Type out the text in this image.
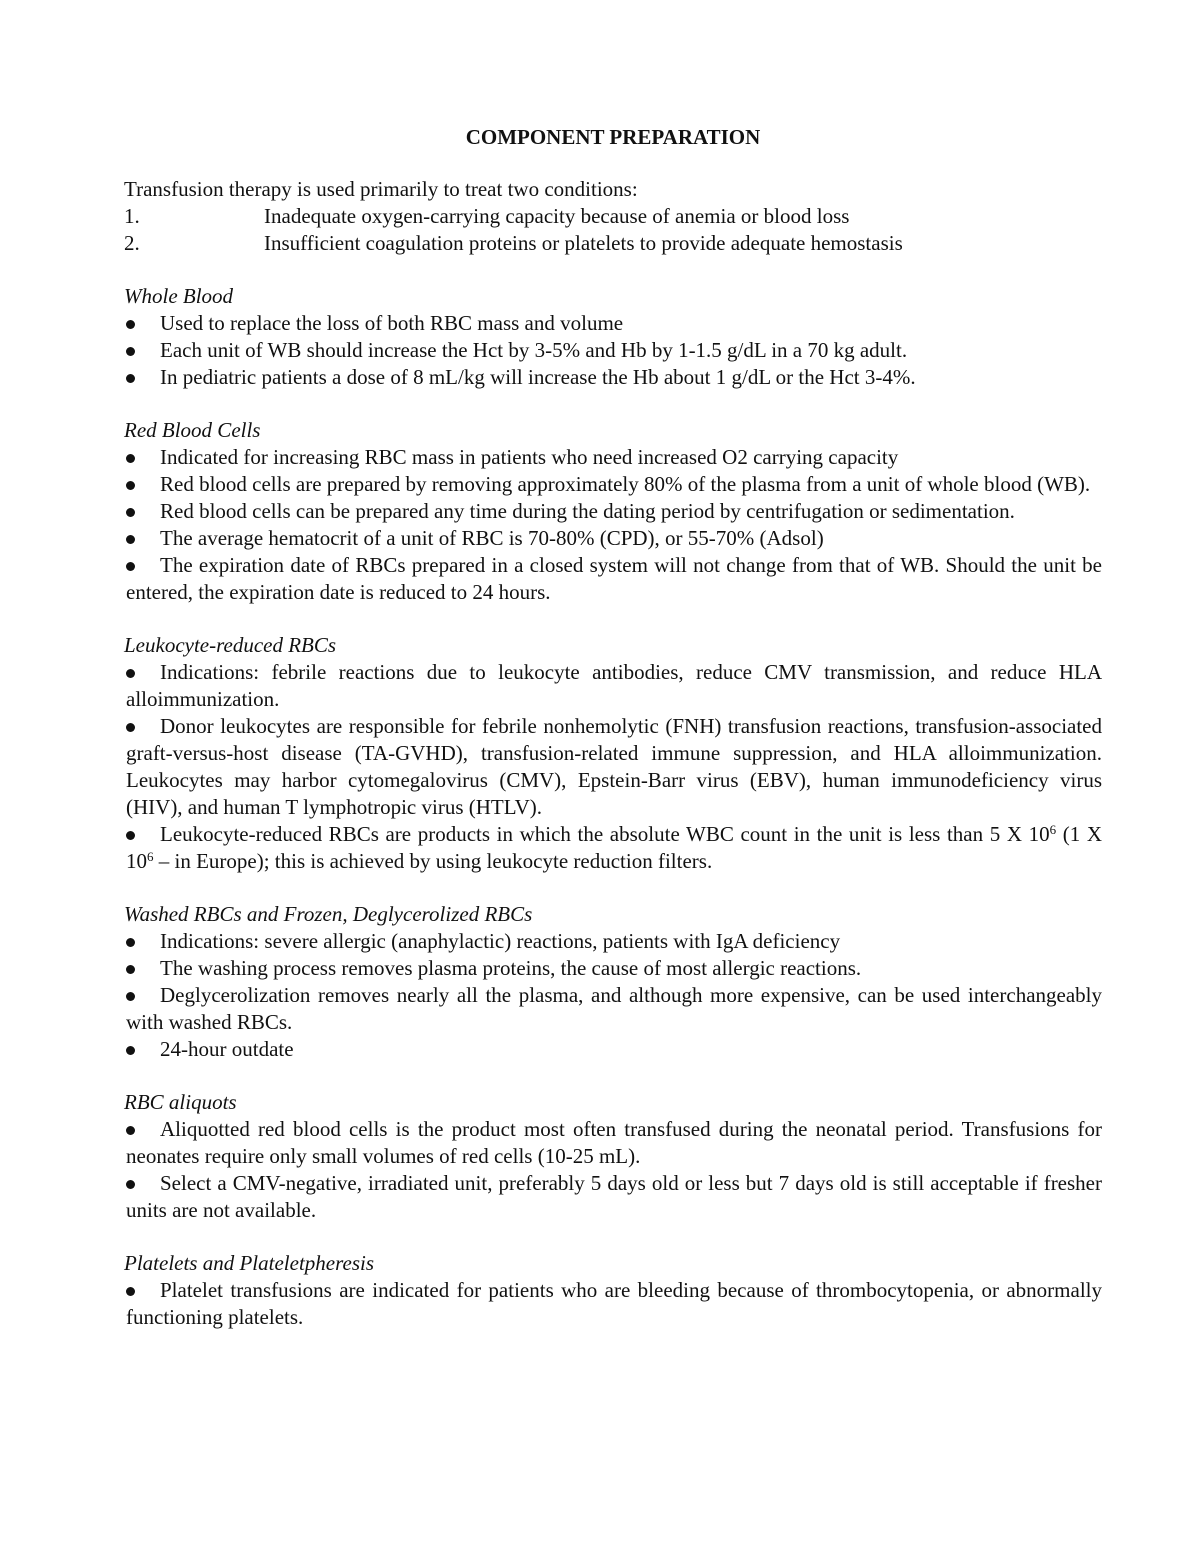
COMPONENT PREPARATION

Transfusion therapy is used primarily to treat two conditions:

1.	Inadequate oxygen-carrying capacity because of anemia or blood loss
2.	Insufficient coagulation proteins or platelets to provide adequate hemostasis

Whole Blood

Used to replace the loss of both RBC mass and volume
Each unit of WB should increase the Hct by 3-5% and Hb by 1-1.5 g/dL in a 70 kg adult.
In pediatric patients a dose of 8 mL/kg will increase the Hb about 1 g/dL or the Hct 3-4%.

Red Blood Cells

Indicated for increasing RBC mass in patients who need increased O2 carrying capacity
Red blood cells are prepared by removing approximately 80% of the plasma from a unit of whole blood (WB).
Red blood cells can be prepared any time during the dating period by centrifugation or sedimentation.
The average hematocrit of a unit of RBC is 70-80% (CPD), or 55-70% (Adsol)
The expiration date of RBCs prepared in a closed system will not change from that of WB. Should the unit be entered, the expiration date is reduced to 24 hours.

Leukocyte-reduced RBCs

Indications: febrile reactions due to leukocyte antibodies, reduce CMV transmission, and reduce HLA alloimmunization.
Donor leukocytes are responsible for febrile nonhemolytic (FNH) transfusion reactions, transfusion-associated graft-versus-host disease (TA-GVHD), transfusion-related immune suppression, and HLA alloimmunization. Leukocytes may harbor cytomegalovirus (CMV), Epstein-Barr virus (EBV), human immunodeficiency virus (HIV), and human T lymphotropic virus (HTLV).
Leukocyte-reduced RBCs are products in which the absolute WBC count in the unit is less than 5 X $10^6$ (1 X $10^6$ – in Europe); this is achieved by using leukocyte reduction filters.

Washed RBCs and Frozen, Deglycerolized RBCs

Indications: severe allergic (anaphylactic) reactions, patients with IgA deficiency
The washing process removes plasma proteins, the cause of most allergic reactions.
Deglycerolization removes nearly all the plasma, and although more expensive, can be used interchangeably with washed RBCs.
24-hour outdate

RBC aliquots

Aliquotted red blood cells is the product most often transfused during the neonatal period. Transfusions for neonates require only small volumes of red cells (10-25 mL).
Select a CMV-negative, irradiated unit, preferably 5 days old or less but 7 days old is still acceptable if fresher units are not available.

Platelets and Plateletpheresis

Platelet transfusions are indicated for patients who are bleeding because of thrombocytopenia, or abnormally functioning platelets.
